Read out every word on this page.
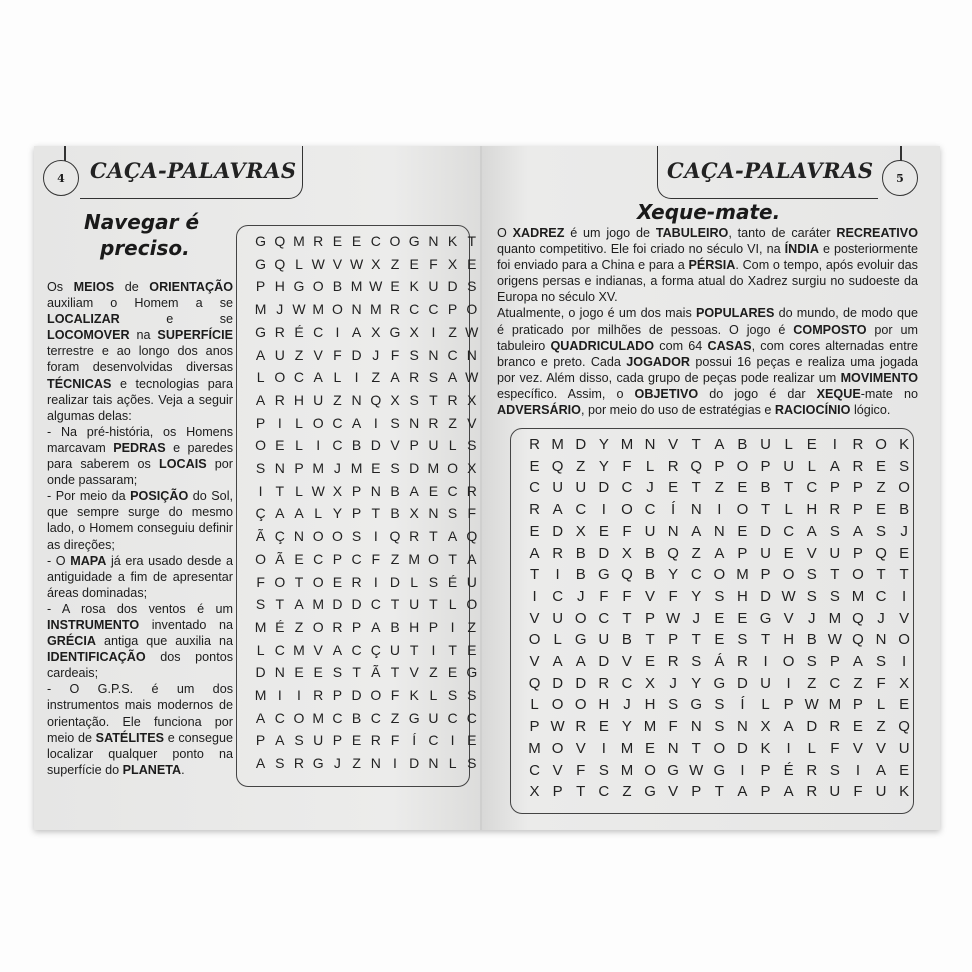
4 CAÇA-PALAVRAS
Navegar é
preciso.

Os MEIOS de ORIENTAÇÃO auxiliam o Homem a se LOCALIZAR e se LOCOMOVER na SUPERFÍCIE terrestre e ao longo dos anos foram desenvolvidas diversas TÉCNICAS e tecnologias para realizar tais ações. Veja a seguir algumas delas:

- Na pré-história, os Homens marcavam PEDRAS e paredes para saberem os LOCAIS por onde passaram;

- Por meio da POSIÇÃO do Sol, que sempre surge do mesmo lado, o Homem conseguiu definir as direções;

- O MAPA já era usado desde a antiguidade a fim de apresentar áreas dominadas;

- A rosa dos ventos é um INSTRUMENTO inventado na GRÉCIA antiga que auxilia na IDENTIFICAÇÃO dos pontos cardeais;

- O G.P.S. é um dos instrumentos mais modernos de orientação. Ele funciona por meio de SATÉLITES e consegue localizar qualquer ponto na superfície do PLANETA.

G Q M R E E C O G N K T
G Q L W V W X Z E F X E
P H G O B M W E K U D S
M J W M O N M R C C P O
G R É C I A X G X I Z W
A U Z V F D J F S N C N
L O C A L I Z A R S A W
A R H U Z N Q X S T R X
P I L O C A I S N R Z V
O E L I C B D V P U L S
S N P M J M E S D M O X
I T L W X P N B A E C R
Ç A A L Y P T B X N S F
Ã Ç N O O S I Q R T A Q
O Ã E C P C F Z M O T A
F O T O E R I D L S É U
S T A M D D C T U T L O
M É Z O R P A B H P I Z
L C M V A C Ç U T I T E
D N E E S T Ã T V Z E G
M I	I R P D O F K L S S
A C O M C B C Z G U C C
P A S U P E R F Í C I E
A S R G J Z N I D N L S
CAÇA-PALAVRAS 5
Xeque-mate.

O XADREZ é um jogo de TABULEIRO, tanto de caráter RECREATIVO quanto competitivo. Ele foi criado no século VI, na ÍNDIA e posteriormente foi enviado para a China e para a PÉRSIA. Com o tempo, após evoluir das origens persas e indianas, a forma atual do Xadrez surgiu no sudoeste da Europa no século XV.

Atualmente, o jogo é um dos mais POPULARES do mundo, de modo que é praticado por milhões de pessoas. O jogo é COMPOSTO por um tabuleiro QUADRICULADO com 64 CASAS, com cores alternadas entre branco e preto. Cada JOGADOR possui 16 peças e realiza uma jogada por vez. Além disso, cada grupo de peças pode realizar um MOVIMENTO específico. Assim, o OBJETIVO do jogo é dar XEQUE-mate no ADVERSÁRIO, por meio do uso de estratégias e RACIOCÍNIO lógico.

R M D Y M N V T A B U L E	I	R O K
E Q Z Y F L R Q P O P U L A R E S
C U U D C J E T Z E B T C P P Z O
R A C	I	O C	Í	N	I	O T L H R P E B
E D X E F U N A N E D C A S A S J
A R B D X B Q Z A P U E V U P Q E
T	I	B G Q B Y C O M P O S T O T T
I	C J F F V F Y S H D W S S M C	I
V U O C T P W J E E G V J M Q J V
O L G U B T P T E S T H B W Q N O
V A A D V E R S Á R	I	O S P A S	I
Q D D R C X J Y G D U	I	Z C Z F X
L O O H J H S G S	Í	L P W M P L E
P W R E Y M F N S N X A D R E Z Q
M O V	I M E N T O D K	I	L F V V U
C V F S M O G W G	I	P É R S	I	A E
X P T C Z G V P T A P A R U F U K
